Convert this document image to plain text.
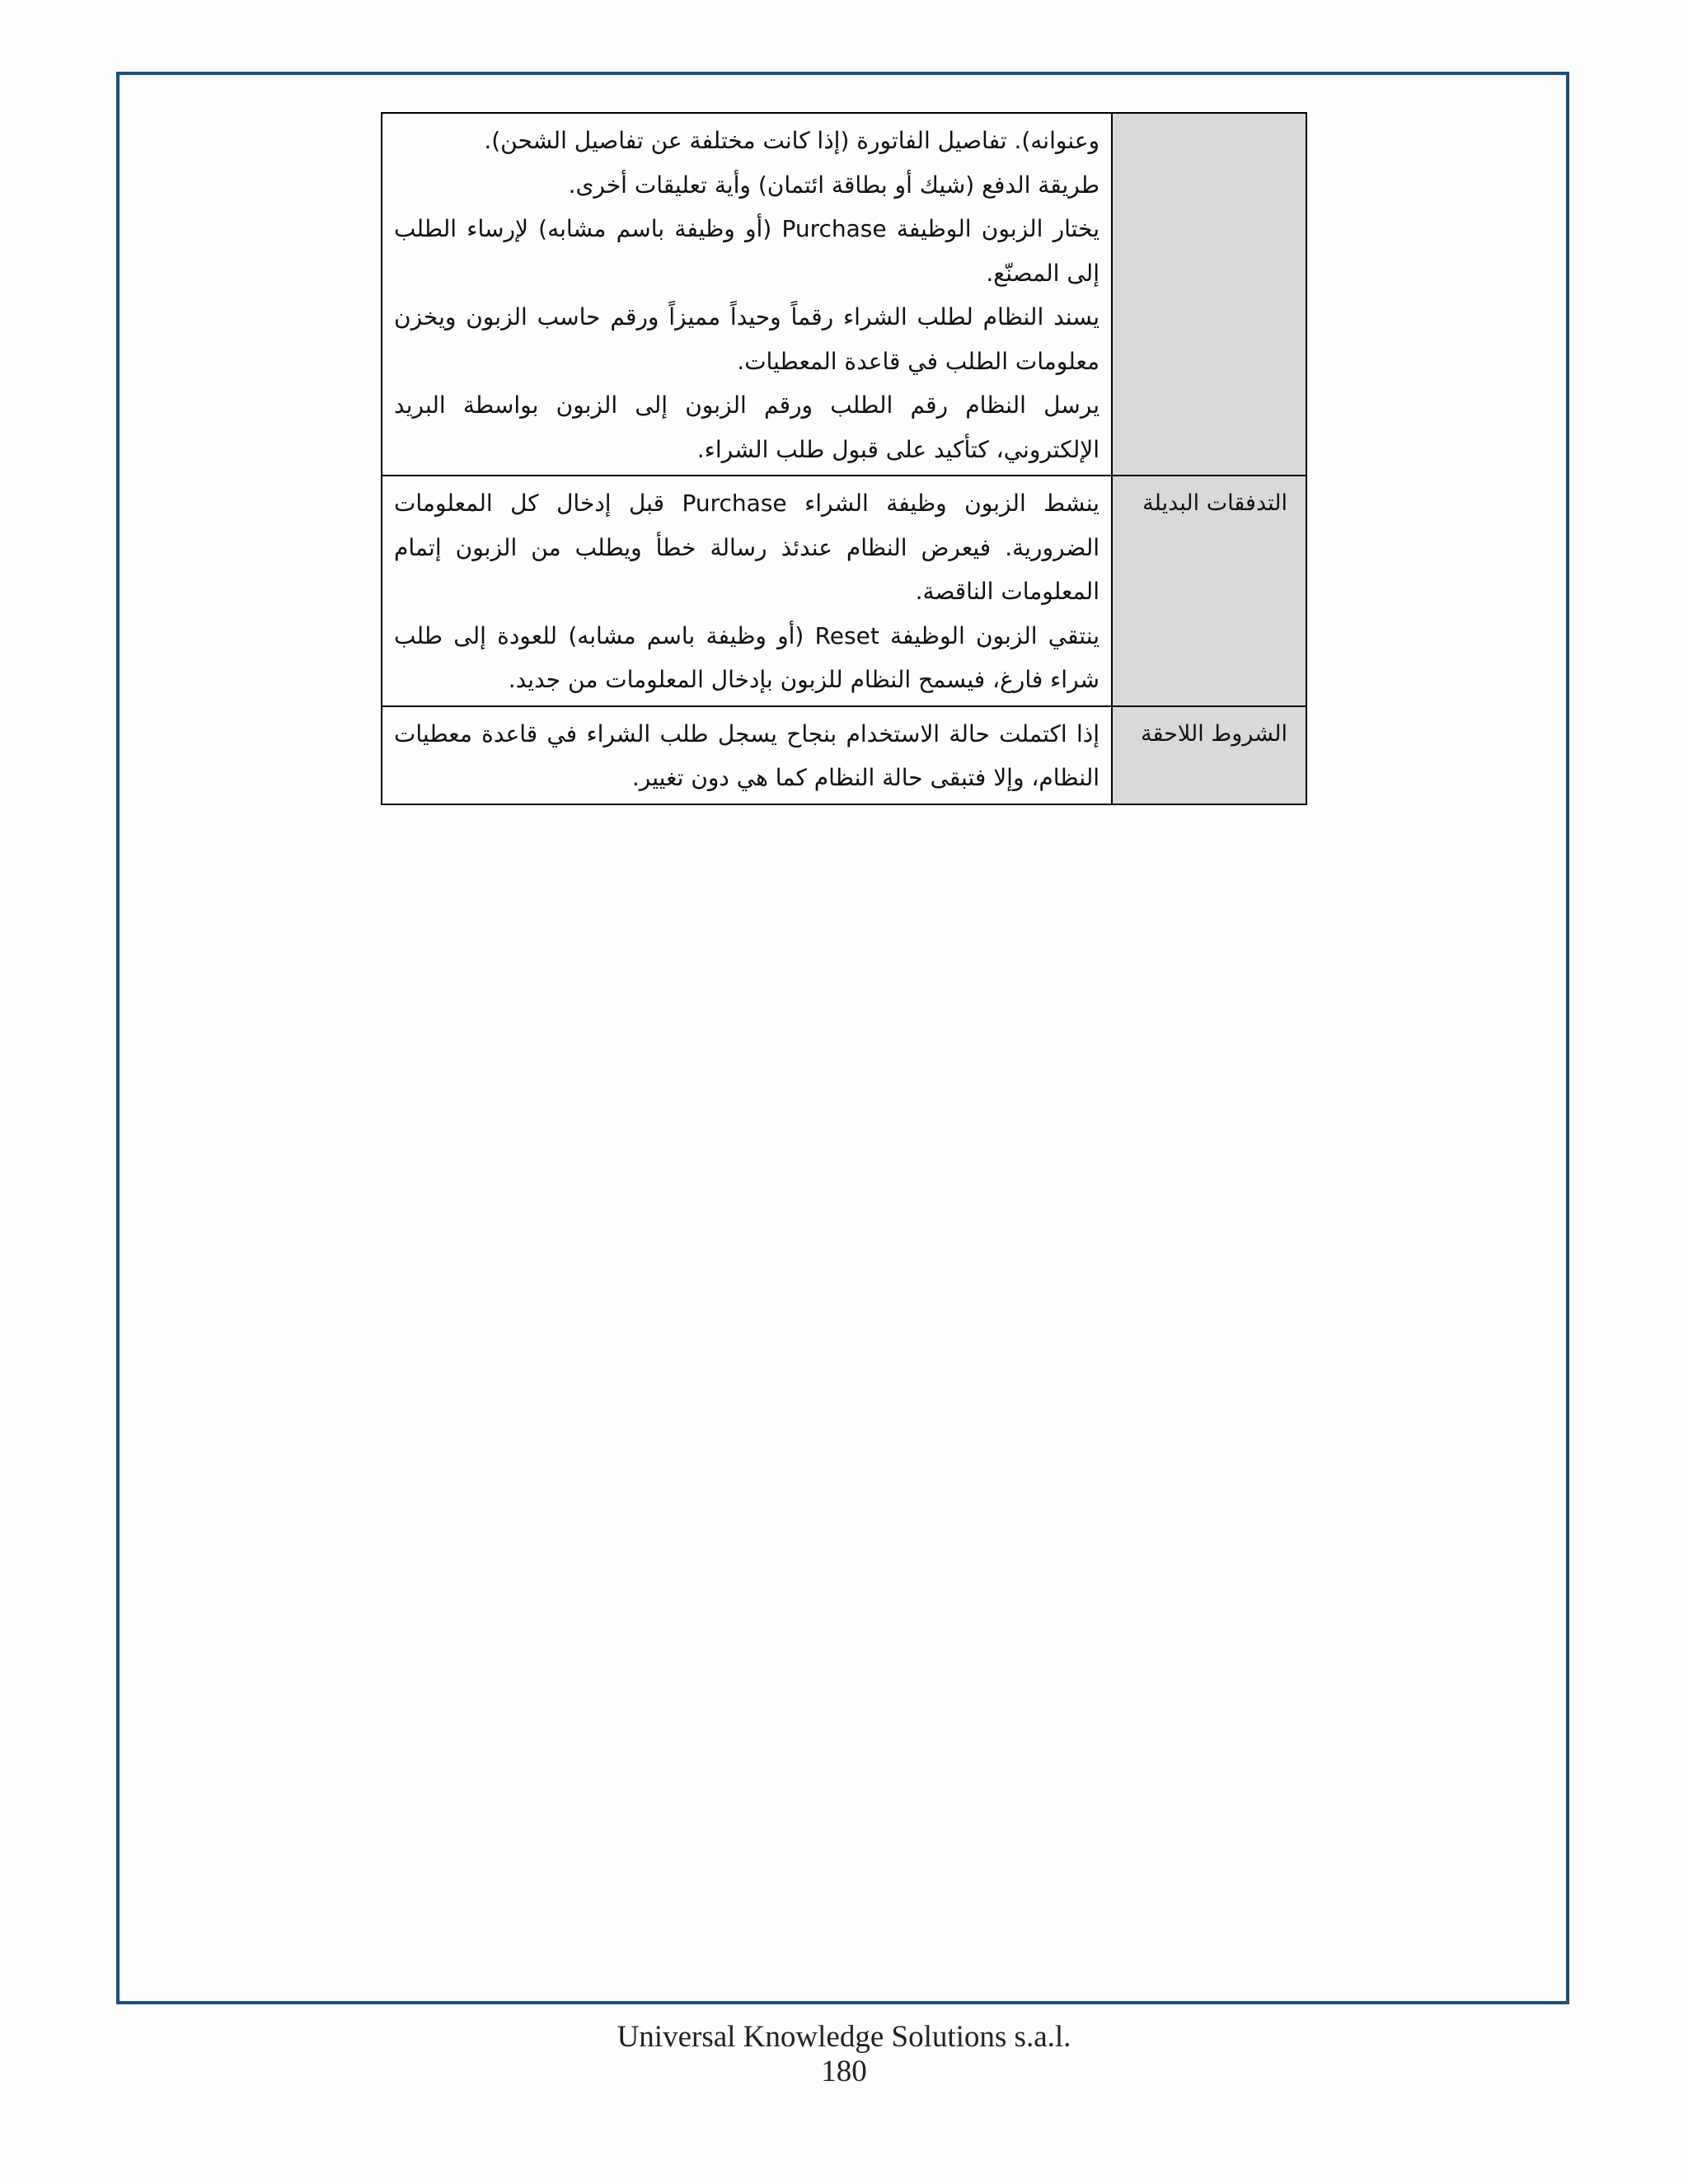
	وعنوانه). تفاصيل الفاتورة (إذا كانت مختلفة عن تفاصيل الشحن).

طريقة الدفع (شيك أو بطاقة ائتمان) وأية تعليقات أخرى.

يختار الزبون الوظيفة Purchase (أو وظيفة باسم مشابه) لإرساء الطلب إلى المصنّع.

يسند النظام لطلب الشراء رقماً وحيداً مميزاً ورقم حاسب الزبون ويخزن معلومات الطلب في قاعدة المعطيات.

يرسل النظام رقم الطلب ورقم الزبون إلى الزبون بواسطة البريد الإلكتروني، كتأكيد على قبول طلب الشراء.

التدفقات البديلة	ينشط الزبون وظيفة الشراء Purchase قبل إدخال كل المعلومات الضرورية. فيعرض النظام عندئذ رسالة خطأ ويطلب من الزبون إتمام المعلومات الناقصة.

ينتقي الزبون الوظيفة Reset (أو وظيفة باسم مشابه) للعودة إلى طلب شراء فارغ، فيسمح النظام للزبون بإدخال المعلومات من جديد.

الشروط اللاحقة	إذا اكتملت حالة الاستخدام بنجاح يسجل طلب الشراء في قاعدة معطيات النظام، وإلا فتبقى حالة النظام كما هي دون تغيير.

Universal Knowledge Solutions s.a.l.
180
